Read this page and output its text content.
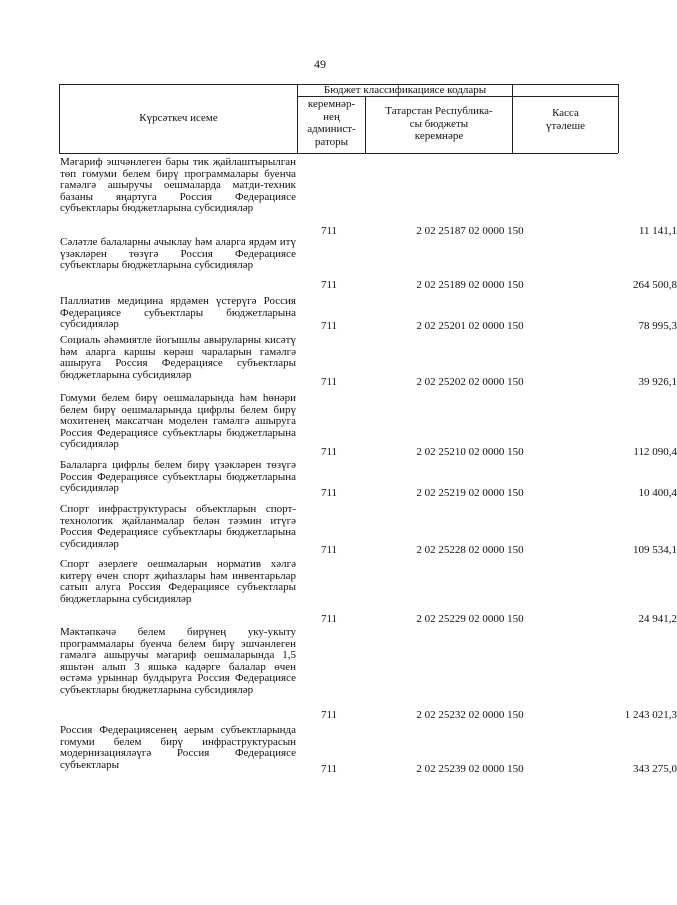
49
Күрсәткеч исеме
Бюджет классификациясе кодлары
керемнәр-
нең
админист-
раторы
Татарстан Республика-
сы бюджеты
керемнәре
Касса
үтәлеше
Мәгариф эшчәнлеген бары тик җайлаштырылган төп гомуми белем бирү программалары буенча гамәлгә ашыручы оешмаларда матди-техник базаны яңартуга Россия Федерациясе субъектлары бюджетларына субсидияләр
711	2 02 25187 02 0000 150	11 141,1
Сәләтле балаларны ачыклау һәм аларга ярдәм итү үзәкләрен төзүгә Россия Федерациясе субъектлары бюджетларына субсидияләр
711	2 02 25189 02 0000 150	264 500,8
Паллиатив медицина ярдәмен үстерүгә Россия Федерациясе субъектлары бюджетларына субсидияләр	711	2 02 25201 02 0000 150	78 995,3
Социаль әһәмиятле йогышлы авыруларны кисәтү һәм аларга каршы көрәш чараларын гамәлгә ашыруга Россия Федерациясе субъектлары бюджетларына субсидияләр
711	2 02 25202 02 0000 150	39 926,1
Гомуми белем бирү оешмаларында һәм һөнәри белем бирү оешмаларында цифрлы белем бирү мохитенең максатчан моделен гамәлгә ашыруга Россия Федерациясе субъектлары бюджетларына субсидияләр
711	2 02 25210 02 0000 150	112 090,4
Балаларга цифрлы белем бирү үзәкләрен төзүгә Россия Федерациясе субъектлары бюджетларына субсидияләр	711	2 02 25219 02 0000 150	10 400,4
Спорт инфраструктурасы объектларын спорт-технологик җайланмалар белән тәэмин итүгә Россия Федерациясе субъектлары бюджетларына субсидияләр
711	2 02 25228 02 0000 150	109 534,1
Спорт әзерлеге оешмаларын норматив хәлгә китерү өчен спорт җиһазлары һәм инвентарьлар сатып алуга Россия Федерациясе субъектлары бюджетларына субсидияләр
711	2 02 25229 02 0000 150	24 941,2
Мәктәпкәчә белем бирүнең уку-укыту программалары буенча белем бирү эшчәнлеген гамәлгә ашыручы мәгариф оешмаларында 1,5 яшьтән алып 3 яшькә кадәрге балалар өчен өстәмә урыннар булдыруга Россия Федерациясе субъектлары бюджетларына субсидияләр
711	2 02 25232 02 0000 150	1 243 021,3
Россия Федерациясенең аерым субъектларында гомуми белем бирү инфраструктурасын модернизацияләүгә Россия Федерациясе субъектлары	711	2 02 25239 02 0000 150	343 275,0
